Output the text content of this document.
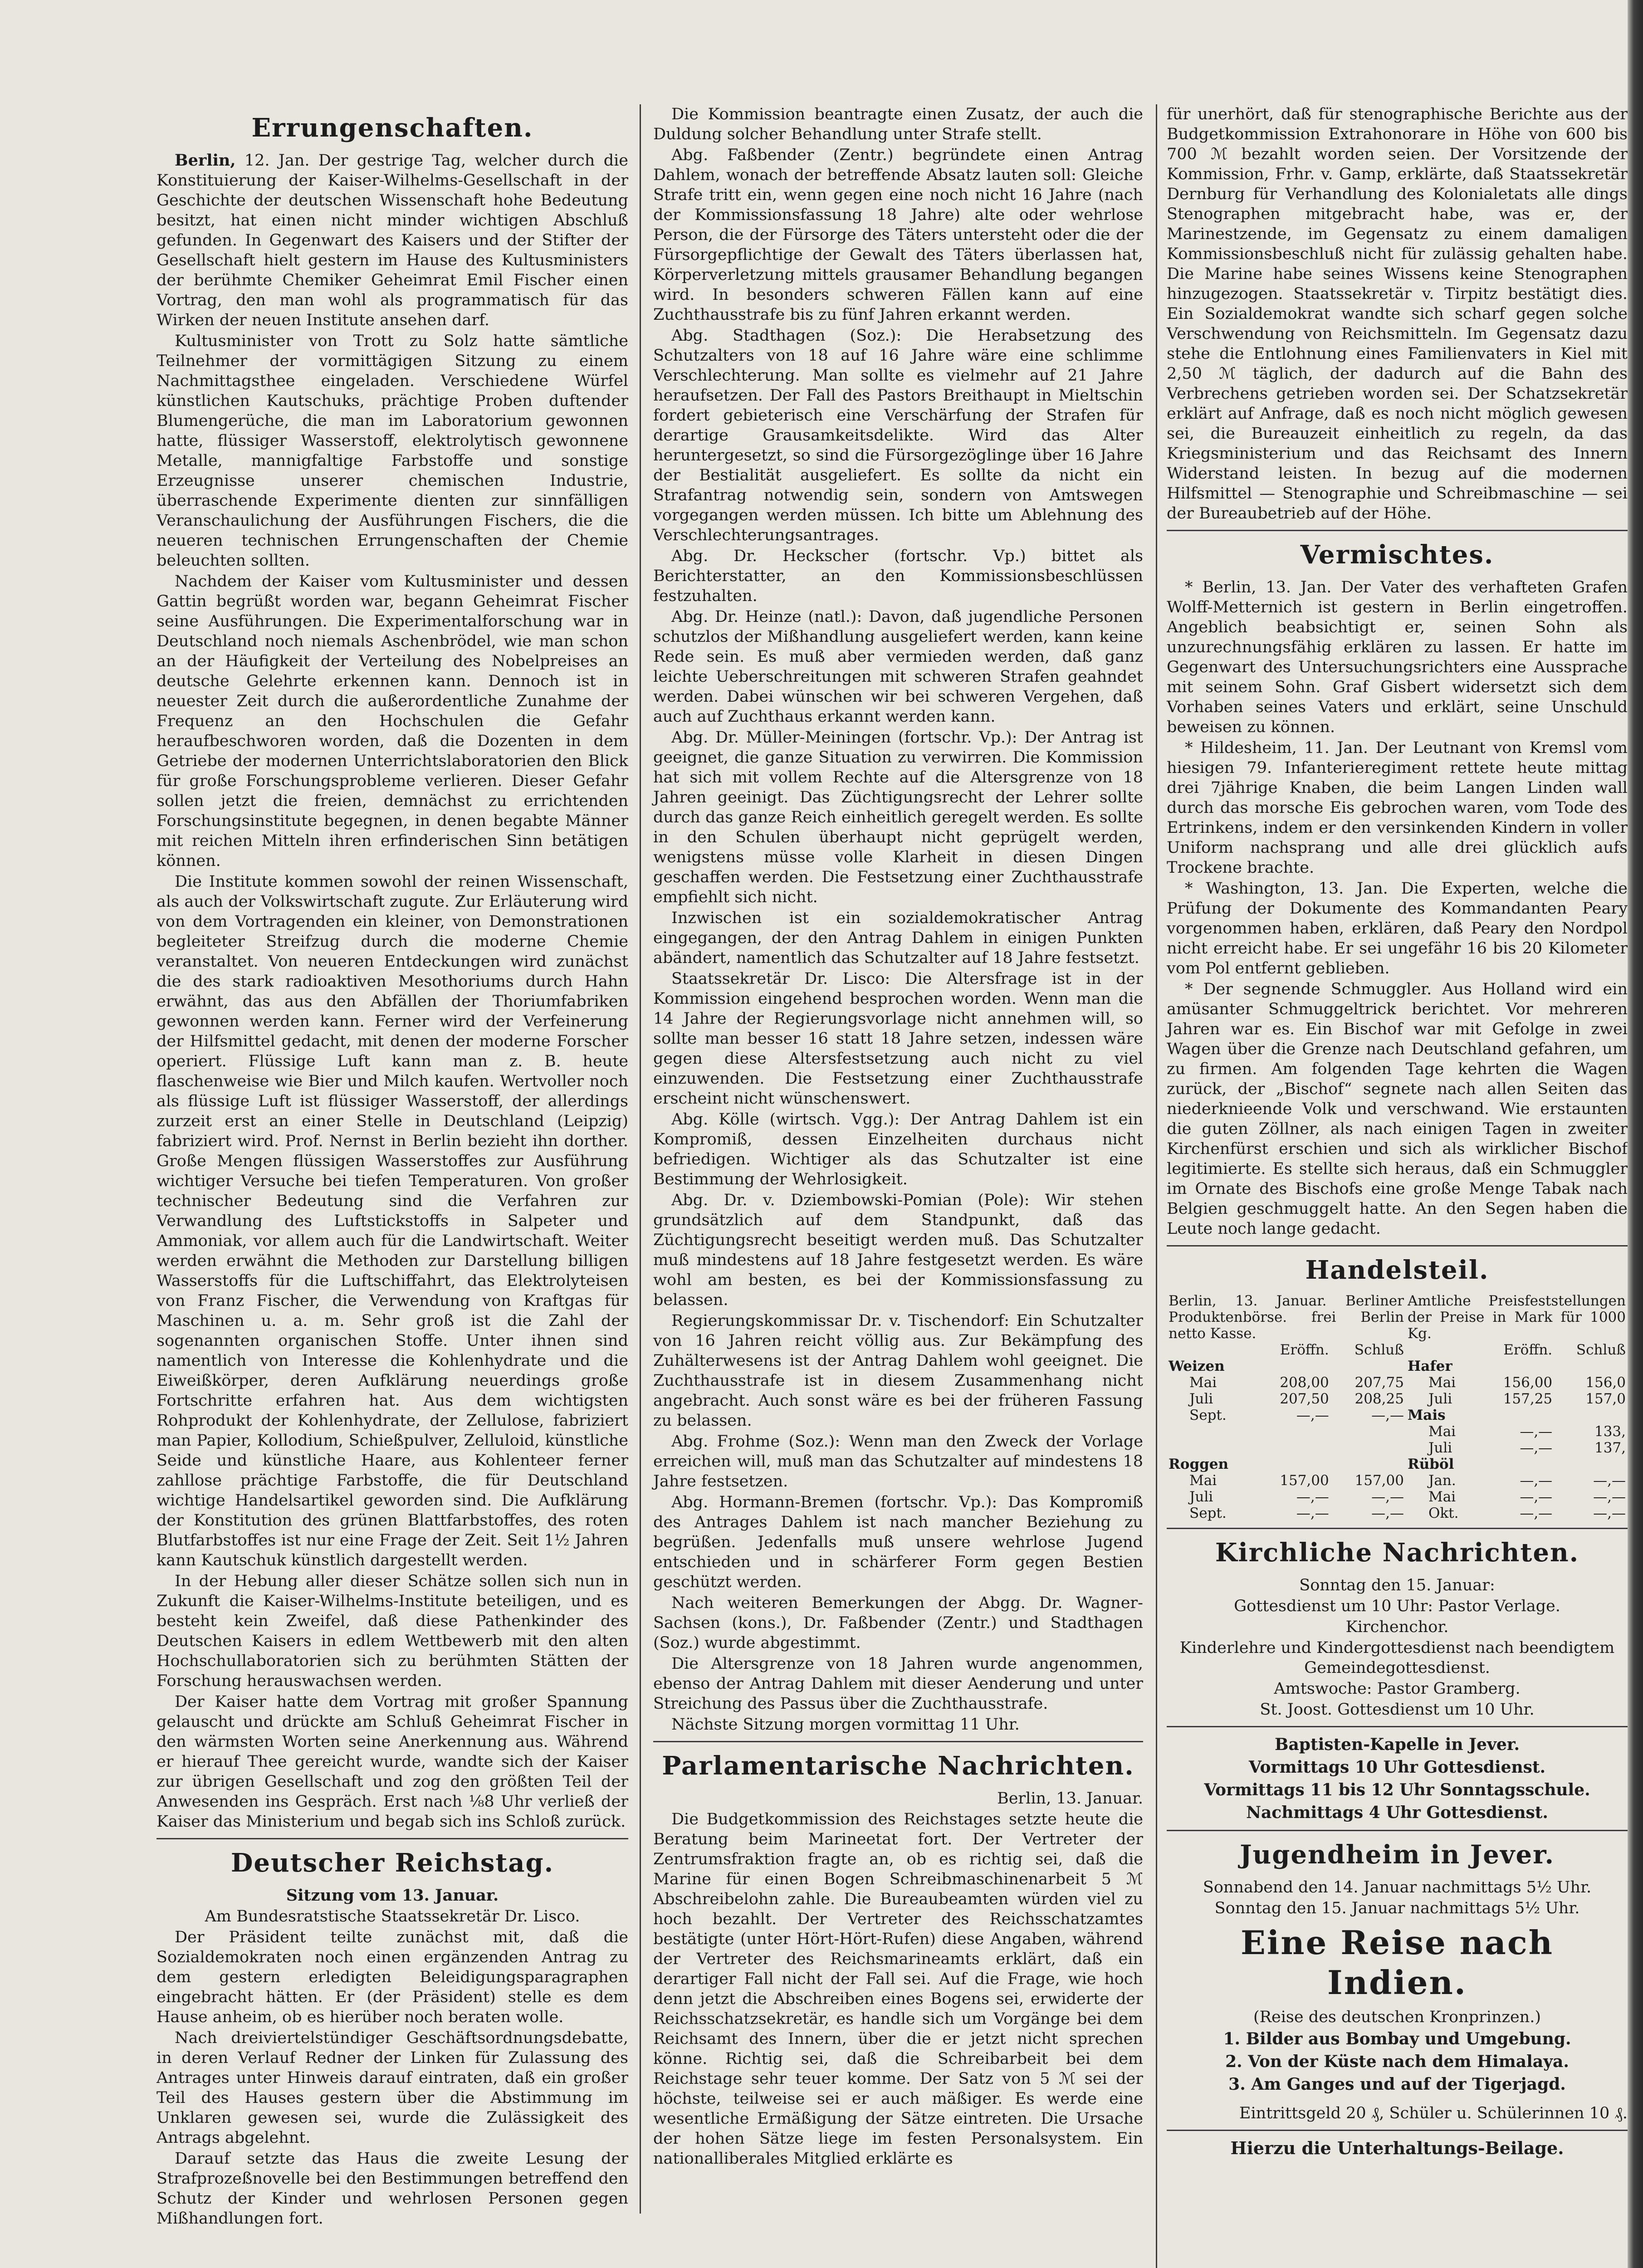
Errungenschaften.

Berlin, 12. Jan. Der gestrige Tag, welcher durch die Konstituierung der Kaiser-Wilhelms-Gesellschaft in der Geschichte der deutschen Wissenschaft hohe Bedeutung besitzt, hat einen nicht minder wichtigen Abschluß gefunden. In Gegenwart des Kaisers und der Stifter der Gesellschaft hielt gestern im Hause des Kultusministers der berühmte Chemiker Geheimrat Emil Fischer einen Vortrag, den man wohl als programmatisch für das Wirken der neuen Institute ansehen darf.

Kultusminister von Trott zu Solz hatte sämtliche Teilnehmer der vormittägigen Sitzung zu einem Nachmittagsthee eingeladen. Verschiedene Würfel künstlichen Kautschuks, prächtige Proben duftender Blumengerüche, die man im Laboratorium gewonnen hatte, flüssiger Wasserstoff, elektrolytisch gewonnene Metalle, mannigfaltige Farbstoffe und sonstige Erzeugnisse unserer chemischen Industrie, überraschende Experimente dienten zur sinnfälligen Veranschaulichung der Ausführungen Fischers, die die neueren technischen Errungenschaften der Chemie beleuchten sollten.

Nachdem der Kaiser vom Kultusminister und dessen Gattin begrüßt worden war, begann Geheimrat Fischer seine Ausführungen. Die Experimentalforschung war in Deutschland noch niemals Aschenbrödel, wie man schon an der Häufigkeit der Verteilung des Nobelpreises an deutsche Gelehrte erkennen kann. Dennoch ist in neuester Zeit durch die außerordentliche Zunahme der Frequenz an den Hochschulen die Gefahr heraufbeschworen worden, daß die Dozenten in dem Getriebe der modernen Unterrichtslaboratorien den Blick für große Forschungsprobleme verlieren. Dieser Gefahr sollen jetzt die freien, demnächst zu errichtenden Forschungsinstitute begegnen, in denen begabte Männer mit reichen Mitteln ihren erfinderischen Sinn betätigen können.

Die Institute kommen sowohl der reinen Wissenschaft, als auch der Volkswirtschaft zugute. Zur Erläuterung wird von dem Vortragenden ein kleiner, von Demonstrationen begleiteter Streifzug durch die moderne Chemie veranstaltet. Von neueren Entdeckungen wird zunächst die des stark radioaktiven Mesothoriums durch Hahn erwähnt, das aus den Abfällen der Thoriumfabriken gewonnen werden kann. Ferner wird der Verfeinerung der Hilfsmittel gedacht, mit denen der moderne Forscher operiert. Flüssige Luft kann man z. B. heute flaschenweise wie Bier und Milch kaufen. Wertvoller noch als flüssige Luft ist flüssiger Wasserstoff, der allerdings zurzeit erst an einer Stelle in Deutschland (Leipzig) fabriziert wird. Prof. Nernst in Berlin bezieht ihn dorther. Große Mengen flüssigen Wasserstoffes zur Ausführung wichtiger Versuche bei tiefen Temperaturen. Von großer technischer Bedeutung sind die Verfahren zur Verwandlung des Luftstickstoffs in Salpeter und Ammoniak, vor allem auch für die Landwirtschaft. Weiter werden erwähnt die Methoden zur Darstellung billigen Wasserstoffs für die Luftschiffahrt, das Elektrolyteisen von Franz Fischer, die Verwendung von Kraftgas für Maschinen u. a. m. Sehr groß ist die Zahl der sogenannten organischen Stoffe. Unter ihnen sind namentlich von Interesse die Kohlenhydrate und die Eiweißkörper, deren Aufklärung neuerdings große Fortschritte erfahren hat. Aus dem wichtigsten Rohprodukt der Kohlenhydrate, der Zellulose, fabriziert man Papier, Kollodium, Schießpulver, Zelluloid, künstliche Seide und künstliche Haare, aus Kohlenteer ferner zahllose prächtige Farbstoffe, die für Deutschland wichtige Handelsartikel geworden sind. Die Aufklärung der Konstitution des grünen Blattfarbstoffes, des roten Blutfarbstoffes ist nur eine Frage der Zeit. Seit 1½ Jahren kann Kautschuk künstlich dargestellt werden.

In der Hebung aller dieser Schätze sollen sich nun in Zukunft die Kaiser-Wilhelms-Institute beteiligen, und es besteht kein Zweifel, daß diese Pathenkinder des Deutschen Kaisers in edlem Wettbewerb mit den alten Hochschullaboratorien sich zu berühmten Stätten der Forschung herauswachsen werden.

Der Kaiser hatte dem Vortrag mit großer Spannung gelauscht und drückte am Schluß Geheimrat Fischer in den wärmsten Worten seine Anerkennung aus. Während er hierauf Thee gereicht wurde, wandte sich der Kaiser zur übrigen Gesellschaft und zog den größten Teil der Anwesenden ins Gespräch. Erst nach ⅛8 Uhr verließ der Kaiser das Ministerium und begab sich ins Schloß zurück.

Deutscher Reichstag.

Sitzung vom 13. Januar.

Am Bundesratstische Staatssekretär Dr. Lisco.

Der Präsident teilte zunächst mit, daß die Sozialdemokraten noch einen ergänzenden Antrag zu dem gestern erledigten Beleidigungsparagraphen eingebracht hätten. Er (der Präsident) stelle es dem Hause anheim, ob es hierüber noch beraten wolle.

Nach dreiviertelstündiger Geschäftsordnungsdebatte, in deren Verlauf Redner der Linken für Zulassung des Antrages unter Hinweis darauf eintraten, daß ein großer Teil des Hauses gestern über die Abstimmung im Unklaren gewesen sei, wurde die Zulässigkeit des Antrags abgelehnt.

Darauf setzte das Haus die zweite Lesung der Strafprozeßnovelle bei den Bestimmungen betreffend den Schutz der Kinder und wehrlosen Personen gegen Mißhandlungen fort.

Die Kommission beantragte einen Zusatz, der auch die Duldung solcher Behandlung unter Strafe stellt.

Abg. Faßbender (Zentr.) begründete einen Antrag Dahlem, wonach der betreffende Absatz lauten soll: Gleiche Strafe tritt ein, wenn gegen eine noch nicht 16 Jahre (nach der Kommissionsfassung 18 Jahre) alte oder wehrlose Person, die der Fürsorge des Täters untersteht oder die der Fürsorgepflichtige der Gewalt des Täters überlassen hat, Körperverletzung mittels grausamer Behandlung begangen wird. In besonders schweren Fällen kann auf eine Zuchthausstrafe bis zu fünf Jahren erkannt werden.

Abg. Stadthagen (Soz.): Die Herabsetzung des Schutzalters von 18 auf 16 Jahre wäre eine schlimme Verschlechterung. Man sollte es vielmehr auf 21 Jahre heraufsetzen. Der Fall des Pastors Breithaupt in Mieltschin fordert gebieterisch eine Verschärfung der Strafen für derartige Grausamkeitsdelikte. Wird das Alter heruntergesetzt, so sind die Fürsorgezöglinge über 16 Jahre der Bestialität ausgeliefert. Es sollte da nicht ein Strafantrag notwendig sein, sondern von Amtswegen vorgegangen werden müssen. Ich bitte um Ablehnung des Verschlechterungsantrages.

Abg. Dr. Heckscher (fortschr. Vp.) bittet als Berichterstatter, an den Kommissionsbeschlüssen festzuhalten.

Abg. Dr. Heinze (natl.): Davon, daß jugendliche Personen schutzlos der Mißhandlung ausgeliefert werden, kann keine Rede sein. Es muß aber vermieden werden, daß ganz leichte Ueberschreitungen mit schweren Strafen geahndet werden. Dabei wünschen wir bei schweren Vergehen, daß auch auf Zuchthaus erkannt werden kann.

Abg. Dr. Müller-Meiningen (fortschr. Vp.): Der Antrag ist geeignet, die ganze Situation zu verwirren. Die Kommission hat sich mit vollem Rechte auf die Altersgrenze von 18 Jahren geeinigt. Das Züchtigungsrecht der Lehrer sollte durch das ganze Reich einheitlich geregelt werden. Es sollte in den Schulen überhaupt nicht geprügelt werden, wenigstens müsse volle Klarheit in diesen Dingen geschaffen werden. Die Festsetzung einer Zuchthausstrafe empfiehlt sich nicht.

Inzwischen ist ein sozialdemokratischer Antrag eingegangen, der den Antrag Dahlem in einigen Punkten abändert, namentlich das Schutzalter auf 18 Jahre festsetzt.

Staatssekretär Dr. Lisco: Die Altersfrage ist in der Kommission eingehend besprochen worden. Wenn man die 14 Jahre der Regierungsvorlage nicht annehmen will, so sollte man besser 16 statt 18 Jahre setzen, indessen wäre gegen diese Altersfestsetzung auch nicht zu viel einzuwenden. Die Festsetzung einer Zuchthausstrafe erscheint nicht wünschenswert.

Abg. Kölle (wirtsch. Vgg.): Der Antrag Dahlem ist ein Kompromiß, dessen Einzelheiten durchaus nicht befriedigen. Wichtiger als das Schutzalter ist eine Bestimmung der Wehrlosigkeit.

Abg. Dr. v. Dziembowski-Pomian (Pole): Wir stehen grundsätzlich auf dem Standpunkt, daß das Züchtigungsrecht beseitigt werden muß. Das Schutzalter muß mindestens auf 18 Jahre festgesetzt werden. Es wäre wohl am besten, es bei der Kommissionsfassung zu belassen.

Regierungskommissar Dr. v. Tischendorf: Ein Schutzalter von 16 Jahren reicht völlig aus. Zur Bekämpfung des Zuhälterwesens ist der Antrag Dahlem wohl geeignet. Die Zuchthausstrafe ist in diesem Zusammenhang nicht angebracht. Auch sonst wäre es bei der früheren Fassung zu belassen.

Abg. Frohme (Soz.): Wenn man den Zweck der Vorlage erreichen will, muß man das Schutzalter auf mindestens 18 Jahre festsetzen.

Abg. Hormann-Bremen (fortschr. Vp.): Das Kompromiß des Antrages Dahlem ist nach mancher Beziehung zu begrüßen. Jedenfalls muß unsere wehrlose Jugend entschieden und in schärferer Form gegen Bestien geschützt werden.

Nach weiteren Bemerkungen der Abgg. Dr. Wagner-Sachsen (kons.), Dr. Faßbender (Zentr.) und Stadthagen (Soz.) wurde abgestimmt.

Die Altersgrenze von 18 Jahren wurde angenommen, ebenso der Antrag Dahlem mit dieser Aenderung und unter Streichung des Passus über die Zuchthausstrafe.

Nächste Sitzung morgen vormittag 11 Uhr.

Parlamentarische Nachrichten.

Berlin, 13. Januar.

Die Budgetkommission des Reichstages setzte heute die Beratung beim Marineetat fort. Der Vertreter der Zentrumsfraktion fragte an, ob es richtig sei, daß die Marine für einen Bogen Schreibmaschinenarbeit 5 ℳ Abschreibelohn zahle. Die Bureaubeamten würden viel zu hoch bezahlt. Der Vertreter des Reichsschatzamtes bestätigte (unter Hört-Hört-Rufen) diese Angaben, während der Vertreter des Reichsmarineamts erklärt, daß ein derartiger Fall nicht der Fall sei. Auf die Frage, wie hoch denn jetzt die Abschreiben eines Bogens sei, erwiderte der Reichsschatzsekretär, es handle sich um Vorgänge bei dem Reichsamt des Innern, über die er jetzt nicht sprechen könne. Richtig sei, daß die Schreibarbeit bei dem Reichstage sehr teuer komme. Der Satz von 5 ℳ sei der höchste, teilweise sei er auch mäßiger. Es werde eine wesentliche Ermäßigung der Sätze eintreten. Die Ursache der hohen Sätze liege im festen Personalsystem. Ein nationalliberales Mitglied erklärte es

für unerhört, daß für stenographische Berichte aus der Budgetkommission Extrahonorare in Höhe von 600 bis 700 ℳ bezahlt worden seien. Der Vorsitzende der Kommission, Frhr. v. Gamp, erklärte, daß Staatssekretär Dernburg für Verhandlung des Kolonialetats alle dings Stenographen mitgebracht habe, was er, der Marinestzende, im Gegensatz zu einem damaligen Kommissionsbeschluß nicht für zulässig gehalten habe. Die Marine habe seines Wissens keine Stenographen hinzugezogen. Staatssekretär v. Tirpitz bestätigt dies. Ein Sozialdemokrat wandte sich scharf gegen solche Verschwendung von Reichsmitteln. Im Gegensatz dazu stehe die Entlohnung eines Familienvaters in Kiel mit 2,50 ℳ täglich, der dadurch auf die Bahn des Verbrechens getrieben worden sei. Der Schatzsekretär erklärt auf Anfrage, daß es noch nicht möglich gewesen sei, die Bureauzeit einheitlich zu regeln, da das Kriegsministerium und das Reichsamt des Innern Widerstand leisten. In bezug auf die modernen Hilfsmittel — Stenographie und Schreibmaschine — sei der Bureaubetrieb auf der Höhe.

Vermischtes.

* Berlin, 13. Jan. Der Vater des verhafteten Grafen Wolff-Metternich ist gestern in Berlin eingetroffen. Angeblich beabsichtigt er, seinen Sohn als unzurechnungsfähig erklären zu lassen. Er hatte im Gegenwart des Untersuchungsrichters eine Aussprache mit seinem Sohn. Graf Gisbert widersetzt sich dem Vorhaben seines Vaters und erklärt, seine Unschuld beweisen zu können.

* Hildesheim, 11. Jan. Der Leutnant von Kremsl vom hiesigen 79. Infanterieregiment rettete heute mittag drei 7jährige Knaben, die beim Langen Linden wall durch das morsche Eis gebrochen waren, vom Tode des Ertrinkens, indem er den versinkenden Kindern in voller Uniform nachsprang und alle drei glücklich aufs Trockene brachte.

* Washington, 13. Jan. Die Experten, welche die Prüfung der Dokumente des Kommandanten Peary vorgenommen haben, erklären, daß Peary den Nordpol nicht erreicht habe. Er sei ungefähr 16 bis 20 Kilometer vom Pol entfernt geblieben.

* Der segnende Schmuggler. Aus Holland wird ein amüsanter Schmuggeltrick berichtet. Vor mehreren Jahren war es. Ein Bischof war mit Gefolge in zwei Wagen über die Grenze nach Deutschland gefahren, um zu firmen. Am folgenden Tage kehrten die Wagen zurück, der „Bischof“ segnete nach allen Seiten das niederknieende Volk und verschwand. Wie erstaunten die guten Zöllner, als nach einigen Tagen in zweiter Kirchenfürst erschien und sich als wirklicher Bischof legitimierte. Es stellte sich heraus, daß ein Schmuggler im Ornate des Bischofs eine große Menge Tabak nach Belgien geschmuggelt hatte. An den Segen haben die Leute noch lange gedacht.

Handelsteil.
Berlin, 13. Januar. Berliner Produktenbörse. frei Berlin netto Kasse.			Amtliche Preisfeststellungen der Preise in Mark für 1000 Kg.		
	Eröffn.	Schluß		Eröffn.	Schluß
Weizen			Hafer		
Mai	208,00	207,75	Mai	156,00	156,0
Juli	207,50	208,25	Juli	157,25	157,0
Sept.	—,—	—,—	Mais		
			Mai	—,—	133,
			Juli	—,—	137,
Roggen			Rüböl		
Mai	157,00	157,00	Jan.	—,—	—,—
Juli	—,—	—,—	Mai	—,—	—,—
Sept.	—,—	—,—	Okt.	—,—	—,—
Kirchliche Nachrichten.

Sonntag den 15. Januar:

Gottesdienst um 10 Uhr: Pastor Verlage.

Kirchenchor.

Kinderlehre und Kindergottesdienst nach beendigtem Gemeindegottesdienst.

Amtswoche: Pastor Gramberg.

St. Joost. Gottesdienst um 10 Uhr.

Baptisten-Kapelle in Jever.

Vormittags 10 Uhr Gottesdienst.

Vormittags 11 bis 12 Uhr Sonntagsschule.

Nachmittags 4 Uhr Gottesdienst.

Jugendheim in Jever.

Sonnabend den 14. Januar nachmittags 5½ Uhr.

Sonntag den 15. Januar nachmittags 5½ Uhr.

Eine Reise nach Indien.

(Reise des deutschen Kronprinzen.)

1. Bilder aus Bombay und Umgebung.

2. Von der Küste nach dem Himalaya.

3. Am Ganges und auf der Tigerjagd.

Eintrittsgeld 20 ₰, Schüler u. Schülerinnen 10 ₰.

Hierzu die Unterhaltungs-Beilage.
